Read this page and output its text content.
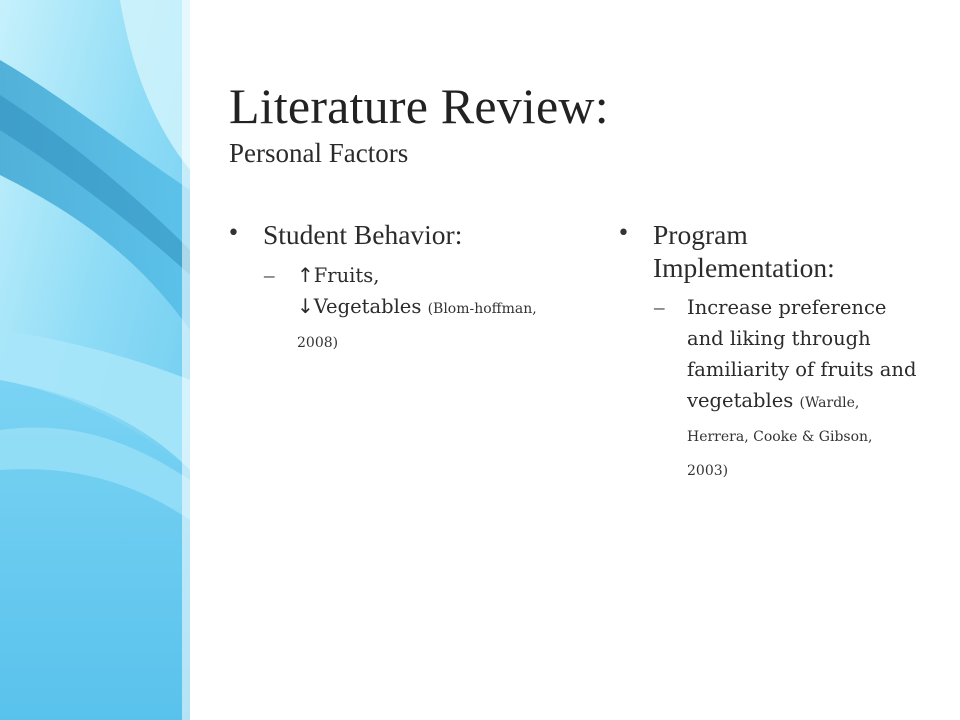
Literature Review:
Personal Factors
• Student Behavior:
–	↑Fruits,
↓Vegetables (Blom-hoffman, 2008)
• Program Implementation:
–	Increase preference and liking through familiarity of fruits and vegetables (Wardle, Herrera, Cooke & Gibson, 2003)
